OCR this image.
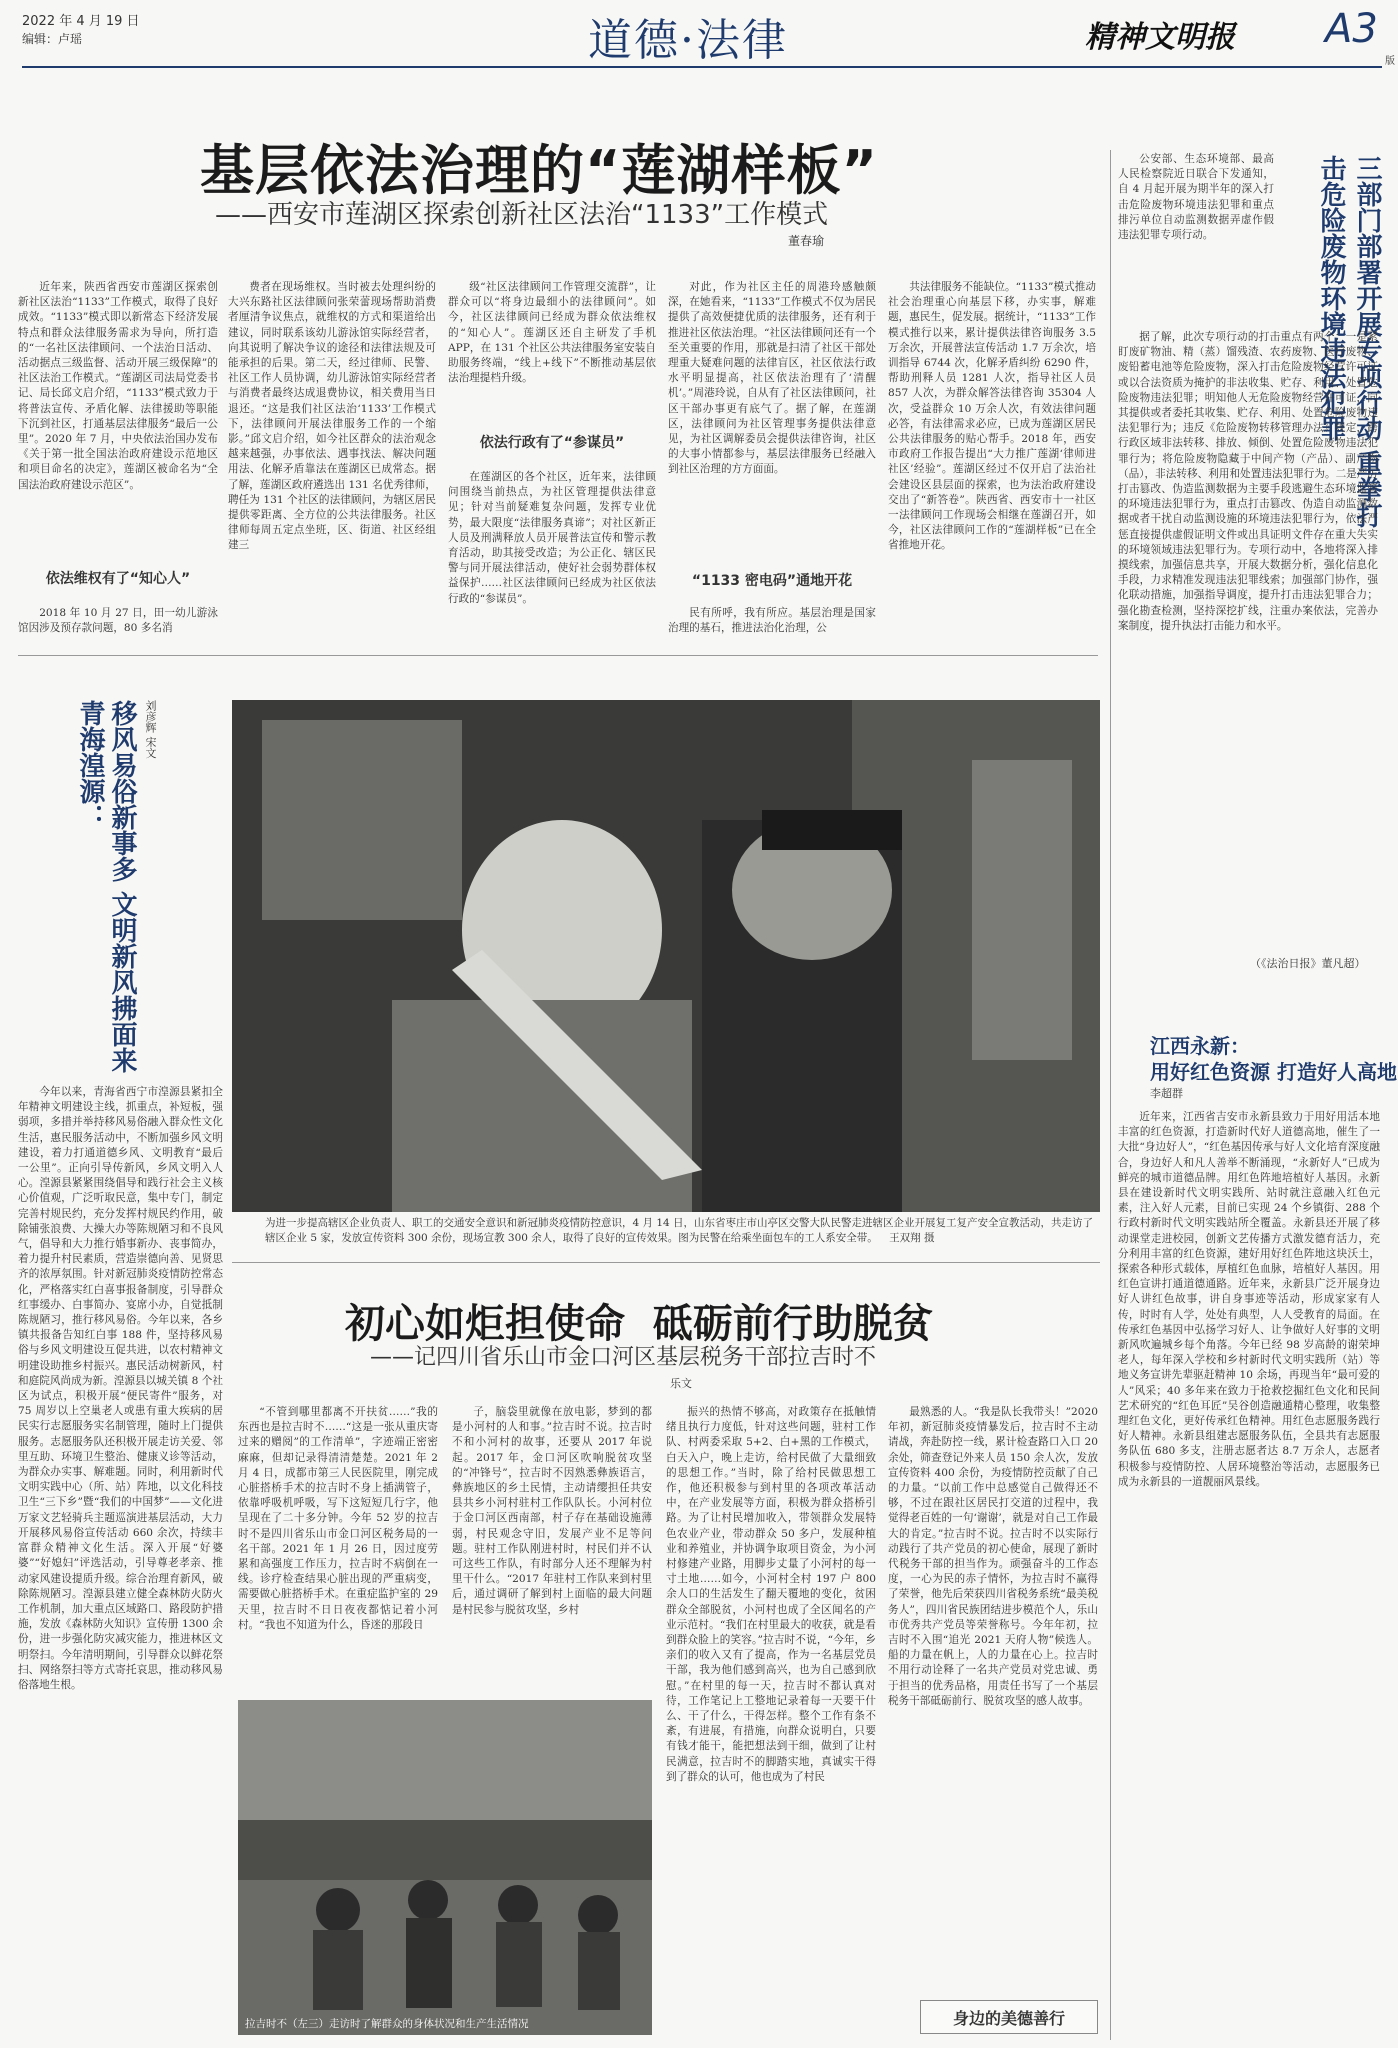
2022 年 4 月 19 日
编辑：卢瑶	道德·法律	精神文明报 A3
版
基层依法治理的“莲湖样板”
——西安市莲湖区探索创新社区法治“1133”工作模式
董春瑜

近年来，陕西省西安市莲湖区探索创新社区法治“1133”工作模式，取得了良好成效。“1133”模式即以新常态下经济发展特点和群众法律服务需求为导向，所打造的“一名社区法律顾问、一个法治日活动、活动据点三级监督、活动开展三级保障”的社区法治工作模式。“莲湖区司法局党委书记、局长邱文启介绍，“1133”模式致力于将普法宣传、矛盾化解、法律援助等职能下沉到社区，打通基层法律服务“最后一公里”。2020 年 7 月，中央依法治国办发布《关于第一批全国法治政府建设示范地区和项目命名的决定》，莲湖区被命名为“全国法治政府建设示范区”。

依法维权有了“知心人”

2018 年 10 月 27 日，田一幼儿游泳馆因涉及预存款问题，80 多名消

费者在现场维权。当时被去处理纠纷的大兴东路社区法律顾问张荣蕾现场帮助消费者厘清争议焦点，就维权的方式和渠道给出建议，同时联系该幼儿游泳馆实际经营者，向其说明了解决争议的途径和法律法规及可能承担的后果。第二天，经过律师、民警、社区工作人员协调，幼儿游泳馆实际经营者与消费者最终达成退费协议，相关费用当日退还。“这是我们社区法治‘1133’工作模式下，法律顾问开展法律服务工作的一个缩影。”邱文启介绍，如今社区群众的法治观念越来越强，办事依法、遇事找法、解决问题用法、化解矛盾靠法在莲湖区已成常态。据了解，莲湖区政府遴选出 131 名优秀律师，聘任为 131 个社区的法律顾问，为辖区居民提供零距离、全方位的公共法律服务。社区律师每周五定点坐班，区、街道、社区经组建三

级“社区法律顾问工作管理交流群”，让群众可以“将身边最细小的法律顾问”。如今，社区法律顾问已经成为群众依法维权的“知心人”。莲湖区还自主研发了手机 APP，在 131 个社区公共法律服务室安装自助服务终端，“线上+线下”不断推动基层依法治理提档升级。

依法行政有了“参谋员”

在莲湖区的各个社区，近年来，法律顾问围绕当前热点，为社区管理提供法律意见；针对当前疑难复杂问题，发挥专业优势，最大限度“法律服务真谛”；对社区新正人员及刑满释放人员开展普法宣传和警示教育活动，助其接受改造；为公正化、辖区民警与同开展法律活动，使好社会弱势群体权益保护……社区法律顾问已经成为社区依法行政的“参谋员”。

对此，作为社区主任的周港玲感触颇深，在她看来，“1133”工作模式不仅为居民提供了高效便捷优质的法律服务，还有利于推进社区依法治理。“社区法律顾问还有一个至关重要的作用，那就是扫清了社区干部处理重大疑难问题的法律盲区，社区依法行政水平明显提高，社区依法治理有了‘清醒机’。”周港玲说，自从有了社区法律顾问，社区干部办事更有底气了。据了解，在莲湖区，法律顾问为社区管理事务提供法律意见，为社区调解委员会提供法律咨询，社区的大事小情都参与，基层法律服务已经融入到社区治理的方方面面。

“1133 密电码”通地开花

民有所呼，我有所应。基层治理是国家治理的基石，推进法治化治理，公

共法律服务不能缺位。“1133”模式推动社会治理重心向基层下移，办实事，解难题，惠民生，促发展。据统计，“1133”工作模式推行以来，累计提供法律咨询服务 3.5 万余次，开展普法宣传活动 1.7 万余次，培训指导 6744 次，化解矛盾纠纷 6290 件，帮助刑释人员 1281 人次，指导社区人员 857 人次，为群众解答法律咨询 35304 人次，受益群众 10 万余人次，有效法律问题必答，有法律需求必应，已成为莲湖区居民公共法律服务的贴心帮手。2018 年，西安市政府工作报告提出“大力推广莲湖‘律师进社区’经验”。莲湖区经过不仅开启了法治社会建设区县层面的探索，也为法治政府建设交出了“新答卷”。陕西省、西安市十一社区一法律顾问工作现场会相继在莲湖召开，如今，社区法律顾问工作的“莲湖样板”已在全省推地开花。

公安部、生态环境部、最高人民检察院近日联合下发通知，自 4 月起开展为期半年的深入打击危险废物环境违法犯罪和重点排污单位自动监测数据弄虚作假违法犯罪专项行动。	三部门部署开展专项行动 重拳打击危险废物环境违法犯罪

据了解，此次专项行动的打击重点有两个：一是紧盯废矿物油、精（蒸）馏残渣、农药废物、医疗废物、废铅蓄电池等危险废物，深入打击危险废物经营许可证或以合法资质为掩护的非法收集、贮存、利用、处置危险废物违法犯罪；明知他人无危险废物经营许可证，向其提供或者委托其收集、贮存、利用、处置危险废物违法犯罪行为；违反《危险废物转移管理办法》规定，跨行政区域非法转移、排放、倾倒、处置危险废物违法犯罪行为；将危险废物隐藏于中间产物（产品）、副产物（品），非法转移、利用和处置违法犯罪行为。二是严厉打击篡改、伪造监测数据为主要手段逃避生态环境监管的环境违法犯罪行为，重点打击篡改、伪造自动监测数据或者干扰自动监测设施的环境违法犯罪行为，依法严惩直接提供虚假证明文件或出具证明文件存在重大失实的环境领域违法犯罪行为。专项行动中，各地将深入排摸线索，加强信息共享，开展大数据分析，强化信息化手段，力求精准发现违法犯罪线索；加强部门协作，强化联动措施，加强指导调度，提升打击违法犯罪合力；强化勘查检测，坚持深挖扩线，注重办案依法，完善办案制度，提升执法打击能力和水平。

（《法治日报》董凡超）
江西永新：
用好红色资源 打造好人高地
李超群

近年来，江西省吉安市永新县致力于用好用活本地丰富的红色资源，打造新时代好人道德高地，催生了一大批“身边好人”，“红色基因传承与好人文化培育深度融合，身边好人和凡人善举不断涌现，“永新好人”已成为鲜亮的城市道德品牌。用红色阵地培植好人基因。永新县在建设新时代文明实践所、站时就注意融入红色元素，注入好人元素，目前已实现 24 个乡镇街、288 个行政村新时代文明实践站所全覆盖。永新县还开展了移动课堂走进校园，创新文艺传播方式激发德育活力，充分利用丰富的红色资源，建好用好红色阵地这块沃土，探索各种形式载体，厚植红色血脉，培植好人基因。用红色宣讲打通道德通路。近年来，永新县广泛开展身边好人讲红色故事，讲自身事迹等活动，形成家家有人传，时时有人学，处处有典型，人人受教育的局面。在传承红色基因中弘扬学习好人、让争做好人好事的文明新风吹遍城乡每个角落。今年已经 98 岁高龄的谢荣坤老人，每年深入学校和乡村新时代文明实践所（站）等地义务宣讲先辈驱赶精神 10 余场，再现当年“最可爱的人”风采；40 多年来在致力于抢救挖掘红色文化和民间艺术研究的“红色耳匠”吴谷创造融通精心整理，收集整理红色文化，更好传承红色精神。用红色志愿服务践行好人精神。永新县组建志愿服务队伍，全县共有志愿服务队伍 680 多支，注册志愿者达 8.7 万余人，志愿者积极参与疫情防控、人居环境整治等活动，志愿服务已成为永新县的一道靓丽风景线。

青海湟源： 移风易俗新事多 文明新风拂面来 刘彦辉 宋文

今年以来，青海省西宁市湟源县紧扣全年精神文明建设主线，抓重点，补短板，强弱项，多措并举持移风易俗融入群众性文化生活，惠民服务活动中，不断加强乡风文明建设，着力打通道德乡风、文明教育“最后一公里”。正向引导传新风，乡风文明入人心。湟源县紧紧围绕倡导和践行社会主义核心价值观，广泛听取民意，集中专门，制定完善村规民约，充分发挥村规民约作用，破除铺张浪费、大操大办等陈规陋习和不良风气，倡导和大力推行婚事新办、丧事简办，着力提升村民素质，营造崇德向善、见贤思齐的浓厚氛围。针对新冠肺炎疫情防控常态化，严格落实红白喜事报备制度，引导群众红事缓办、白事简办、宴席小办，自觉抵制陈规陋习，推行移风易俗。今年以来，各乡镇共报备告知红白事 188 件，坚持移风易俗与乡风文明建设互促共进，以农村精神文明建设助推乡村振兴。惠民活动树新风，村和庭院风尚成为新。湟源县以城关镇 8 个社区为试点，积极开展“便民寄件”服务，对 75 周岁以上空巢老人或患有重大疾病的居民实行志愿服务实名制管理，随时上门提供服务。志愿服务队还积极开展走访关爱、邻里互助、环境卫生整治、健康义诊等活动，为群众办实事、解难题。同时，利用新时代文明实践中心（所、站）阵地，以文化科技卫生“三下乡”暨“我们的中国梦”——文化进万家文艺轻骑兵主题巡演进基层活动，大力开展移风易俗宣传活动 660 余次，持续丰富群众精神文化生活。深入开展“好婆婆”“好媳妇”评选活动，引导尊老孝亲、推动家风建设提质升级。综合治理育新风，破除陈规陋习。湟源县建立健全森林防火防火工作机制，加大重点区域路口、路段防护措施，发放《森林防火知识》宣传册 1300 余份，进一步强化防灾减灾能力，推进林区文明祭扫。今年清明期间，引导群众以鲜花祭扫、网络祭扫等方式寄托哀思，推动移风易俗落地生根。

为进一步提高辖区企业负责人、职工的交通安全意识和新冠肺炎疫情防控意识，4 月 14 日，山东省枣庄市山亭区交警大队民警走进辖区企业开展复工复产安全宣教活动，共走访了辖区企业 5 家，发放宣传资料 300 余份，现场宣教 300 余人，取得了良好的宣传效果。图为民警在给乘坐面包车的工人系安全带。 王双翔 摄
初心如炬担使命  砥砺前行助脱贫
——记四川省乐山市金口河区基层税务干部拉吉时不
乐文

“不管到哪里都离不开扶贫……”我的东西也是拉吉时不……“这是一张从重庆寄过来的赠阅”的工作清单”，字迹端正密密麻麻，但却记录得清清楚楚。2021 年 2 月 4 日，成都市第三人民医院里，刚完成心脏搭桥手术的拉吉时不身上插满管子，依靠呼吸机呼吸，写下这短短几行字，他呈现在了二十多分钟。今年 52 岁的拉吉时不是四川省乐山市金口河区税务局的一名干部。2021 年 1 月 26 日，因过度劳累和高强度工作压力，拉吉时不病倒在一线。诊疗检查结果心脏出现的严重病变，需要做心脏搭桥手术。在重症监护室的 29 天里，拉吉时不日日夜夜都惦记着小河村。“我也不知道为什么，昏迷的那段日

子，脑袋里就像在放电影，梦到的都是小河村的人和事。”拉吉时不说。拉吉时不和小河村的故事，还要从 2017 年说起。2017 年，金口河区吹响脱贫攻坚的“冲锋号”，拉吉时不因熟悉彝族语言，彝族地区的乡土民情，主动请缨担任共安县共乡小河村驻村工作队队长。小河村位于金口河区西南部，村子存在基础设施薄弱，村民观念守旧，发展产业不足等问题。驻村工作队刚进村时，村民们并不认可这些工作队，有时部分人还不理解为村里干什么。“2017 年驻村工作队来到村里后，通过调研了解到村上面临的最大问题是村民参与脱贫攻坚，乡村

振兴的热情不够高，对政策存在抵触情绪且执行力度低，针对这些问题，驻村工作队、村两委采取 5+2、白+黑的工作模式，白天入户，晚上走访，给村民做了大量细致的思想工作。”当时，除了给村民做思想工作，他还积极参与到村里的各项改革活动中，在产业发展等方面，积极为群众搭桥引路。为了让村民增加收入，带领群众发展特色农业产业，带动群众 50 多户，发展种植业和养殖业，并协调争取项目资金，为小河村修建产业路，用脚步丈量了小河村的每一寸土地……如今，小河村全村 197 户 800 余人口的生活发生了翻天覆地的变化，贫困群众全部脱贫，小河村也成了全区闻名的产业示范村。“我们在村里最大的收获，就是看到群众脸上的笑容。”拉吉时不说，“今年，乡亲们的收入又有了提高，作为一名基层党员干部，我为他们感到高兴，也为自己感到欣慰。”在村里的每一天，拉吉时不都认真对待，工作笔记上工整地记录着每一天要干什么、干了什么，干得怎样。整个工作有条不紊，有进展，有措施，向群众说明白，只要有钱才能干，能把想法到干细，做到了让村民满意，拉吉时不的脚踏实地，真诚实干得到了群众的认可，他也成为了村民

最熟悉的人。“我是队长我带头！”2020 年初，新冠肺炎疫情暴发后，拉吉时不主动请战，奔赴防控一线，累计检查路口入口 20 余处，筛查登记外来人员 150 余人次，发放宣传资料 400 余份，为疫情防控贡献了自己的力量。“以前工作中总感觉自己做得还不够，不过在跟社区居民打交道的过程中，我觉得老百姓的一句‘谢谢’，就是对自己工作最大的肯定。”拉吉时不说。拉吉时不以实际行动践行了共产党员的初心使命，展现了新时代税务干部的担当作为。顽强奋斗的工作态度，一心为民的赤子情怀，为拉吉时不赢得了荣誉，他先后荣获四川省税务系统“最美税务人”，四川省民族团结进步模范个人，乐山市优秀共产党员等荣誉称号。今年年初，拉吉时不入围“追光 2021 天府人物”候选人。船的力量在帆上，人的力量在心上。拉吉时不用行动诠释了一名共产党员对党忠诚、勇于担当的优秀品格，用责任书写了一个基层税务干部砥砺前行、脱贫攻坚的感人故事。

拉吉时不（左三）走访时了解群众的身体状况和生产生活情况	身边的美德善行
